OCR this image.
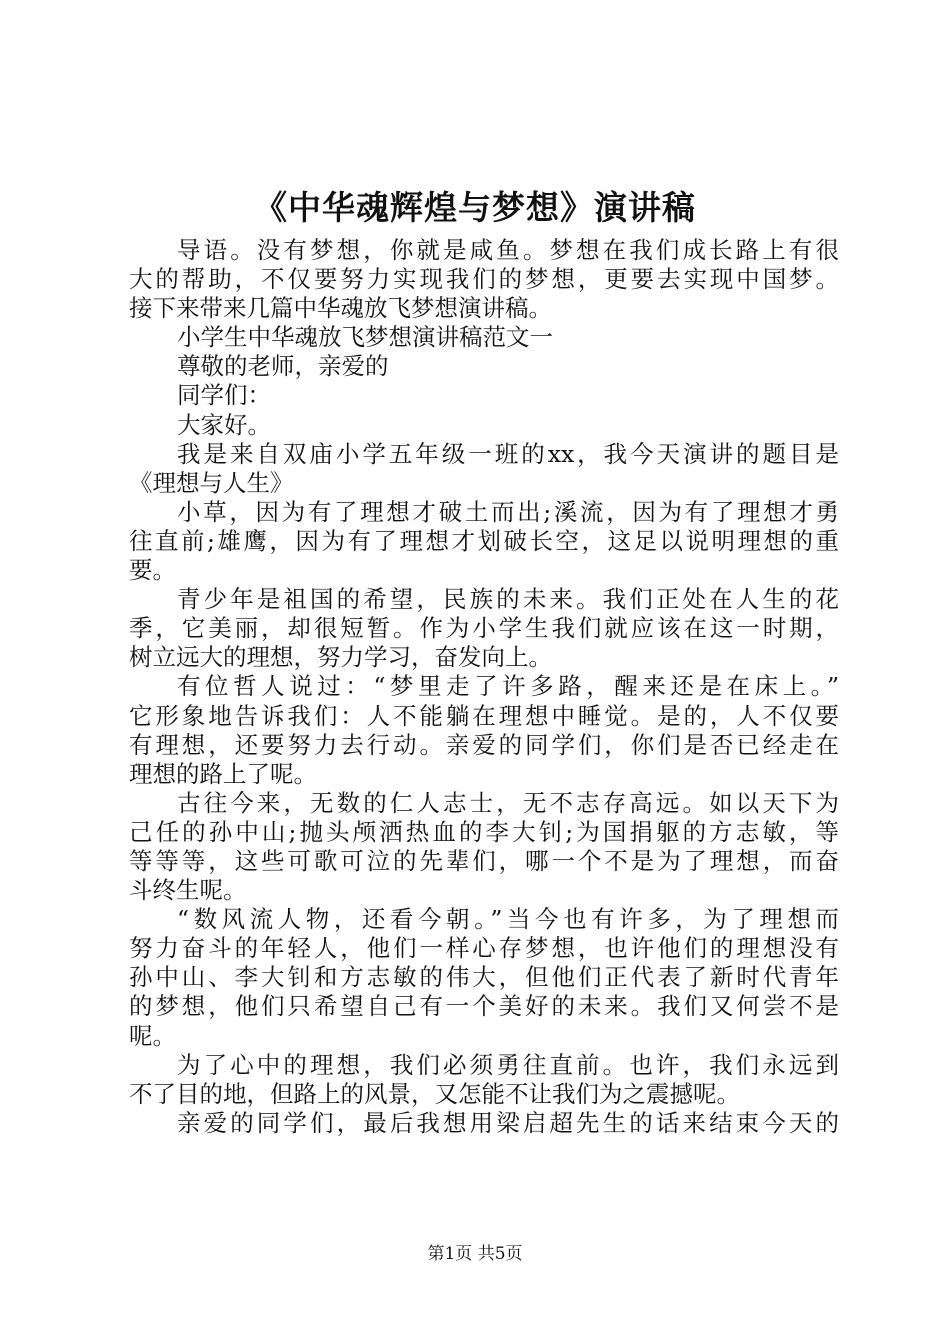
《中华魂辉煌与梦想》演讲稿
导语。没有梦想，你就是咸鱼。梦想在我们成长路上有很
大的帮助，不仅要努力实现我们的梦想，更要去实现中国梦。
接下来带来几篇中华魂放飞梦想演讲稿。
小学生中华魂放飞梦想演讲稿范文一
尊敬的老师，亲爱的
同学们：
大家好。
我是来自双庙小学五年级一班的xx，我今天演讲的题目是
《理想与人生》
小草，因为有了理想才破土而出;溪流，因为有了理想才勇
往直前;雄鹰，因为有了理想才划破长空，这足以说明理想的重
要。
青少年是祖国的希望，民族的未来。我们正处在人生的花
季，它美丽，却很短暂。作为小学生我们就应该在这一时期，
树立远大的理想，努力学习，奋发向上。
有位哲人说过：“梦里走了许多路，醒来还是在床上。”
它形象地告诉我们：人不能躺在理想中睡觉。是的，人不仅要
有理想，还要努力去行动。亲爱的同学们，你们是否已经走在
理想的路上了呢。
古往今来，无数的仁人志士，无不志存高远。如以天下为
己任的孙中山;抛头颅洒热血的李大钊;为国捐躯的方志敏，等
等等等，这些可歌可泣的先辈们，哪一个不是为了理想，而奋
斗终生呢。
“数风流人物，还看今朝。”当今也有许多，为了理想而
努力奋斗的年轻人，他们一样心存梦想，也许他们的理想没有
孙中山、李大钊和方志敏的伟大，但他们正代表了新时代青年
的梦想，他们只希望自己有一个美好的未来。我们又何尝不是
呢。
为了心中的理想，我们必须勇往直前。也许，我们永远到
不了目的地，但路上的风景，又怎能不让我们为之震撼呢。
亲爱的同学们，最后我想用梁启超先生的话来结束今天的
第1页 共5页
